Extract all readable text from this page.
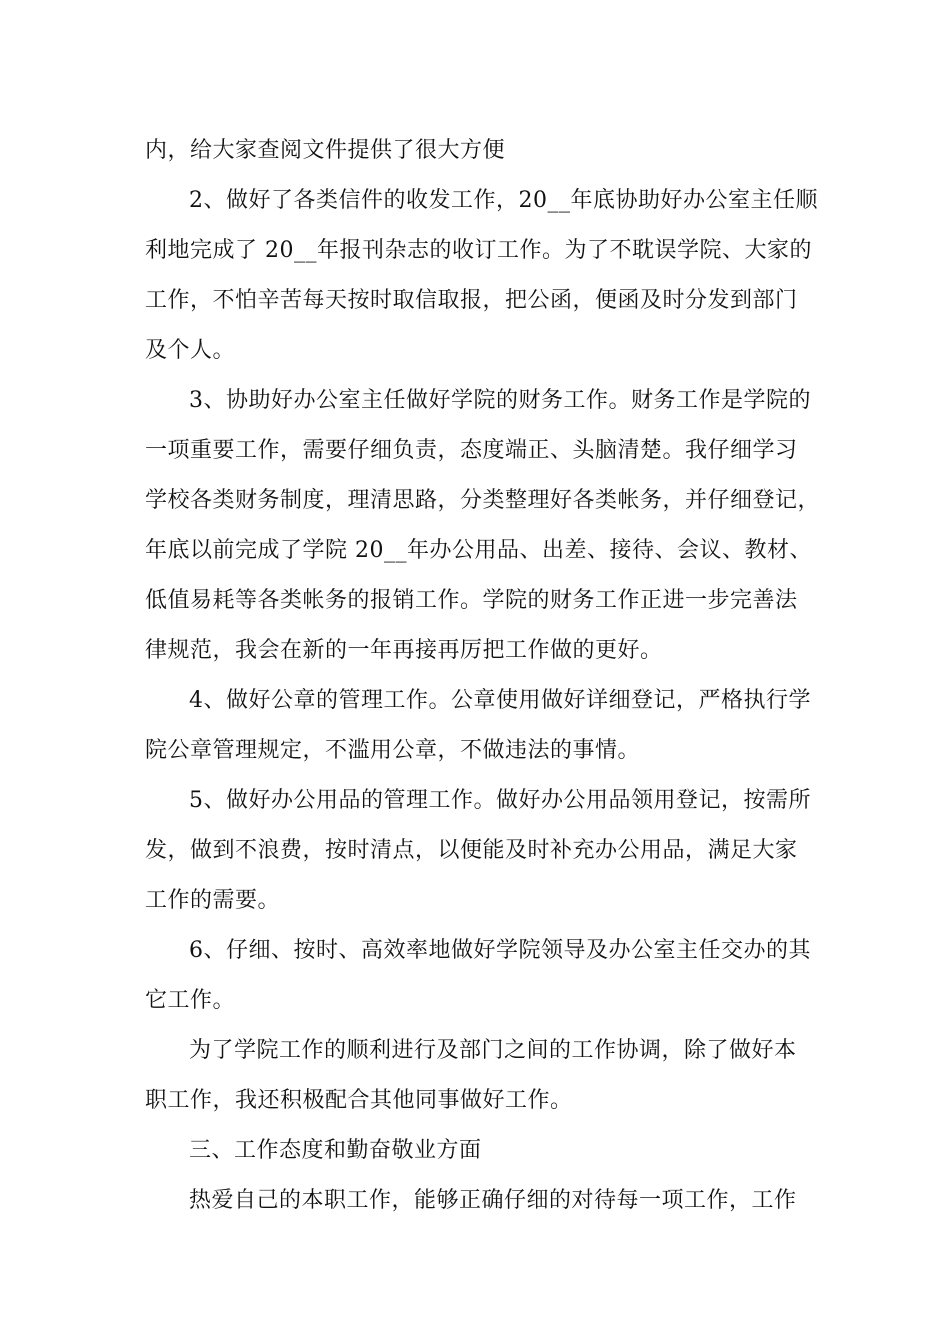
内，给大家查阅文件提供了很大方便
2、做好了各类信件的收发工作，20__年底协助好办公室主任顺
利地完成了 20__年报刊杂志的收订工作。为了不耽误学院、大家的
工作，不怕辛苦每天按时取信取报，把公函，便函及时分发到部门
及个人。
3、协助好办公室主任做好学院的财务工作。财务工作是学院的
一项重要工作，需要仔细负责，态度端正、头脑清楚。我仔细学习
学校各类财务制度，理清思路，分类整理好各类帐务，并仔细登记，
年底以前完成了学院 20__年办公用品、出差、接待、会议、教材、
低值易耗等各类帐务的报销工作。学院的财务工作正进一步完善法
律规范，我会在新的一年再接再厉把工作做的更好。
4、做好公章的管理工作。公章使用做好详细登记，严格执行学
院公章管理规定，不滥用公章，不做违法的事情。
5、做好办公用品的管理工作。做好办公用品领用登记，按需所
发，做到不浪费，按时清点，以便能及时补充办公用品，满足大家
工作的需要。
6、仔细、按时、高效率地做好学院领导及办公室主任交办的其
它工作。
为了学院工作的顺利进行及部门之间的工作协调，除了做好本
职工作，我还积极配合其他同事做好工作。
三、工作态度和勤奋敬业方面
热爱自己的本职工作，能够正确仔细的对待每一项工作，工作
